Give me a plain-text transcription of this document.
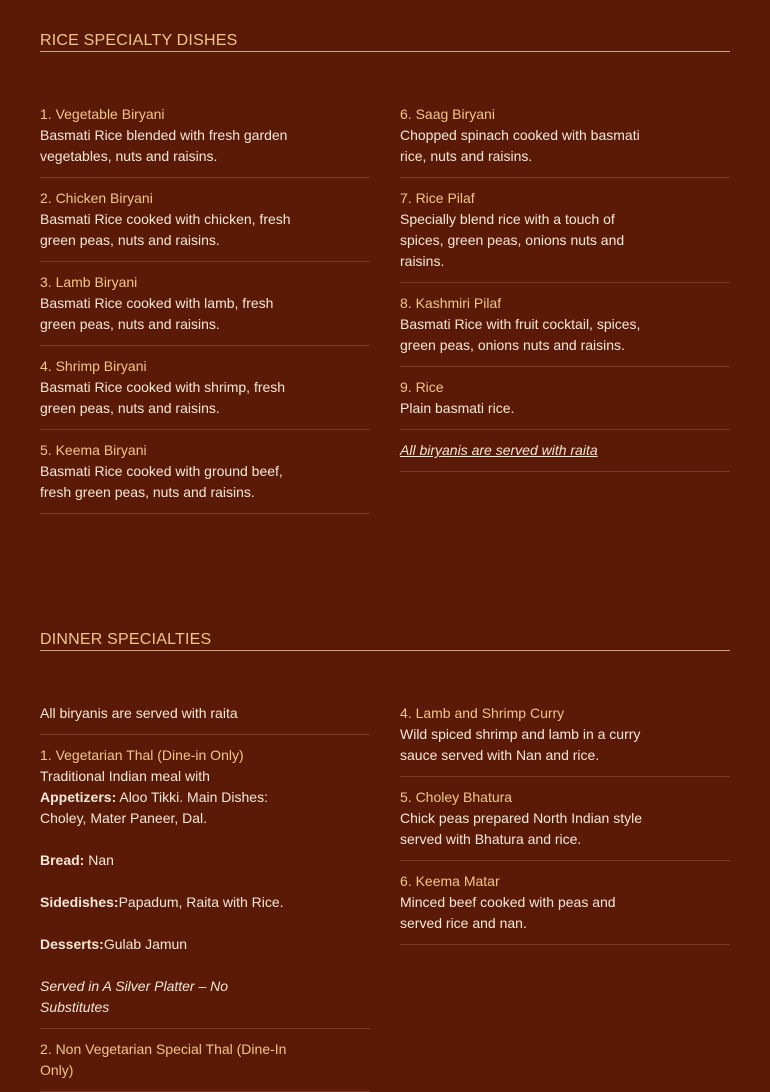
RICE SPECIALTY DISHES
1. Vegetable Biryani
Basmati Rice blended with fresh garden vegetables, nuts and raisins.
2. Chicken Biryani
Basmati Rice cooked with chicken, fresh green peas, nuts and raisins.
3. Lamb Biryani
Basmati Rice cooked with lamb, fresh green peas, nuts and raisins.
4. Shrimp Biryani
Basmati Rice cooked with shrimp, fresh green peas, nuts and raisins.
5. Keema Biryani
Basmati Rice cooked with ground beef, fresh green peas, nuts and raisins.
6. Saag Biryani
Chopped spinach cooked with basmati rice, nuts and raisins.
7. Rice Pilaf
Specially blend rice with a touch of spices, green peas, onions nuts and raisins.
8. Kashmiri Pilaf
Basmati Rice with fruit cocktail, spices, green peas, onions nuts and raisins.
9. Rice
Plain basmati rice.
All biryanis are served with raita
DINNER SPECIALTIES
All biryanis are served with raita
1. Vegetarian Thal (Dine-in Only)
Traditional Indian meal with
Appetizers: Aloo Tikki. Main Dishes: Choley, Mater Paneer, Dal.
Bread: Nan
Sidedishes:Papadum, Raita with Rice.
Desserts:Gulab Jamun
Served in A Silver Platter – No Substitutes
2. Non Vegetarian Special Thal (Dine-In Only)
4. Lamb and Shrimp Curry
Wild spiced shrimp and lamb in a curry sauce served with Nan and rice.
5. Choley Bhatura
Chick peas prepared North Indian style served with Bhatura and rice.
6. Keema Matar
Minced beef cooked with peas and served rice and nan.
